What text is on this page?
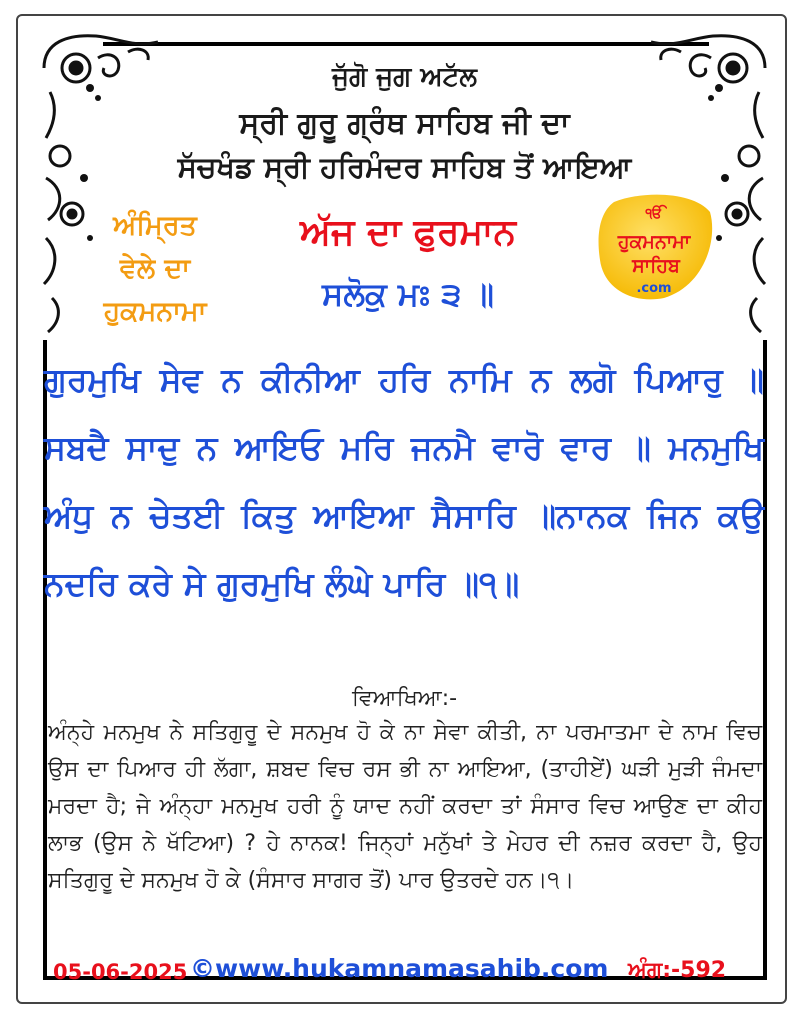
ਜੁੱਗੋ ਜੁਗ ਅਟੱਲ
ਸ੍ਰੀ ਗੁਰੂ ਗ੍ਰੰਥ ਸਾਹਿਬ ਜੀ ਦਾ
ਸੱਚਖੰਡ ਸ੍ਰੀ ਹਰਿਮੰਦਰ ਸਾਹਿਬ ਤੋਂ ਆਇਆ
ਅੰਮ੍ਰਿਤ
ਵੇਲੇ ਦਾ
ਹੁਕਮਨਾਮਾ
ਅੱਜ ਦਾ ਫੁਰਮਾਨ
ਸਲੋਕੁ ਮਃ ੩ ॥
ੴ
ਹੁਕਮਨਾਮਾ
ਸਾਹਿਬ
.com
ਗੁਰਮੁਖਿ ਸੇਵ ਨ ਕੀਨੀਆ ਹਰਿ ਨਾਮਿ ਨ ਲਗੋ ਪਿਆਰੁ ॥ ਸਬਦੈ ਸਾਦੁ ਨ ਆਇਓ ਮਰਿ ਜਨਮੈ ਵਾਰੋ ਵਾਰ ॥ ਮਨਮੁਖਿ ਅੰਧੁ ਨ ਚੇਤਈ ਕਿਤੁ ਆਇਆ ਸੈਸਾਰਿ ॥ਨਾਨਕ ਜਿਨ ਕਉ ਨਦਰਿ ਕਰੇ ਸੇ ਗੁਰਮੁਖਿ ਲੰਘੇ ਪਾਰਿ ॥੧॥
ਵਿਆਖਿਆ:-
ਅੰਨ੍ਹੇ ਮਨਮੁਖ ਨੇ ਸਤਿਗੁਰੂ ਦੇ ਸਨਮੁਖ ਹੋ ਕੇ ਨਾ ਸੇਵਾ ਕੀਤੀ, ਨਾ ਪਰਮਾਤਮਾ ਦੇ ਨਾਮ ਵਿਚ ਉਸ ਦਾ ਪਿਆਰ ਹੀ ਲੱਗਾ, ਸ਼ਬਦ ਵਿਚ ਰਸ ਭੀ ਨਾ ਆਇਆ, (ਤਾਹੀਏਂ) ਘੜੀ ਮੁੜੀ ਜੰਮਦਾ ਮਰਦਾ ਹੈ; ਜੇ ਅੰਨ੍ਹਾ ਮਨਮੁਖ ਹਰੀ ਨੂੰ ਯਾਦ ਨਹੀਂ ਕਰਦਾ ਤਾਂ ਸੰਸਾਰ ਵਿਚ ਆਉਣ ਦਾ ਕੀਹ ਲਾਭ (ਉਸ ਨੇ ਖੱਟਿਆ) ? ਹੇ ਨਾਨਕ! ਜਿਨ੍ਹਾਂ ਮਨੁੱਖਾਂ ਤੇ ਮੇਹਰ ਦੀ ਨਜ਼ਰ ਕਰਦਾ ਹੈ, ਉਹ ਸਤਿਗੁਰੂ ਦੇ ਸਨਮੁਖ ਹੋ ਕੇ (ਸੰਸਾਰ ਸਾਗਰ ਤੋਂ) ਪਾਰ ਉਤਰਦੇ ਹਨ।੧।
05-06-2025 ©www.hukamnamasahib.com ਅੰਗ:-592
